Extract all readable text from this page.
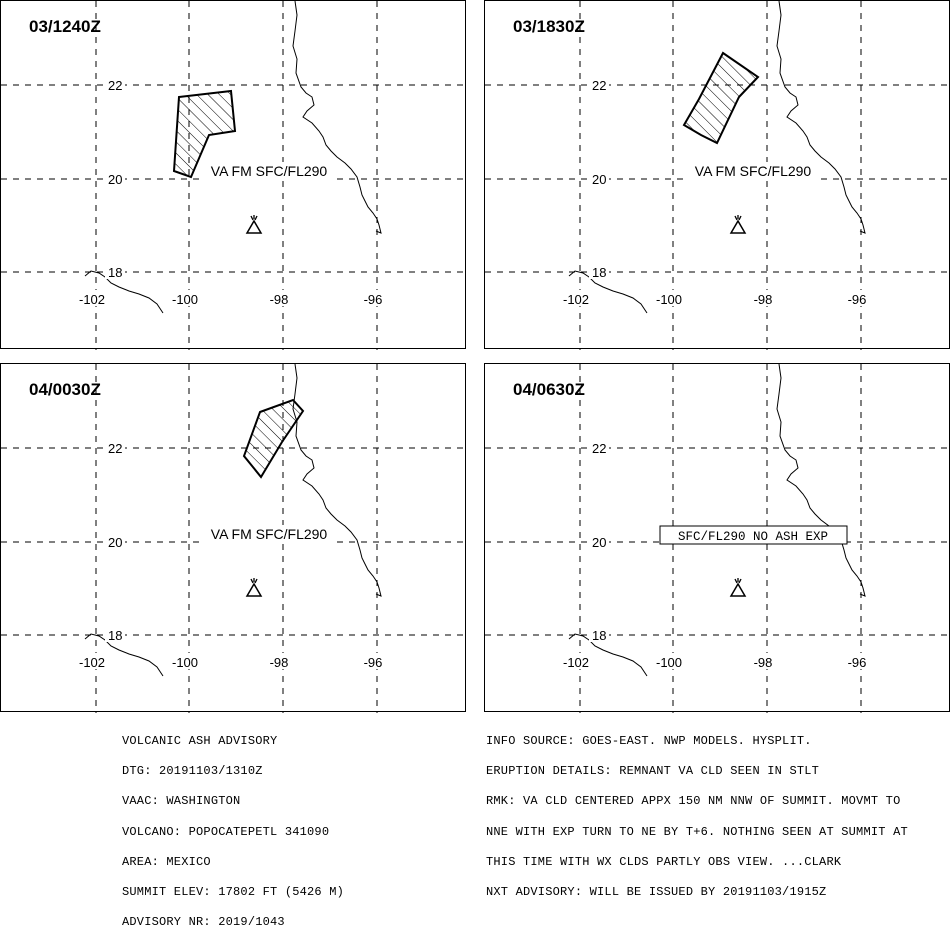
22
20
18
-102	-100	-98	-96
VA FM SFC/FL290
03/1240Z
22
20
18
-102	-100	-98	-96
VA FM SFC/FL290
03/1830Z
22
20
18
-102	-100	-98	-96
VA FM SFC/FL290
04/0030Z
22
20
18
-102	-100	-98	-96
SFC/FL290 NO ASH EXP
04/0630Z

VOLCANIC ASH ADVISORY

DTG: 20191103/1310Z

VAAC: WASHINGTON

VOLCANO: POPOCATEPETL 341090

AREA: MEXICO

SUMMIT ELEV: 17802 FT (5426 M)

ADVISORY NR: 2019/1043

INFO SOURCE: GOES-EAST. NWP MODELS. HYSPLIT.

ERUPTION DETAILS: REMNANT VA CLD SEEN IN STLT

RMK: VA CLD CENTERED APPX 150 NM NNW OF SUMMIT. MOVMT TO

NNE WITH EXP TURN TO NE BY T+6. NOTHING SEEN AT SUMMIT AT

THIS TIME WITH WX CLDS PARTLY OBS VIEW. ...CLARK

NXT ADVISORY: WILL BE ISSUED BY 20191103/1915Z
